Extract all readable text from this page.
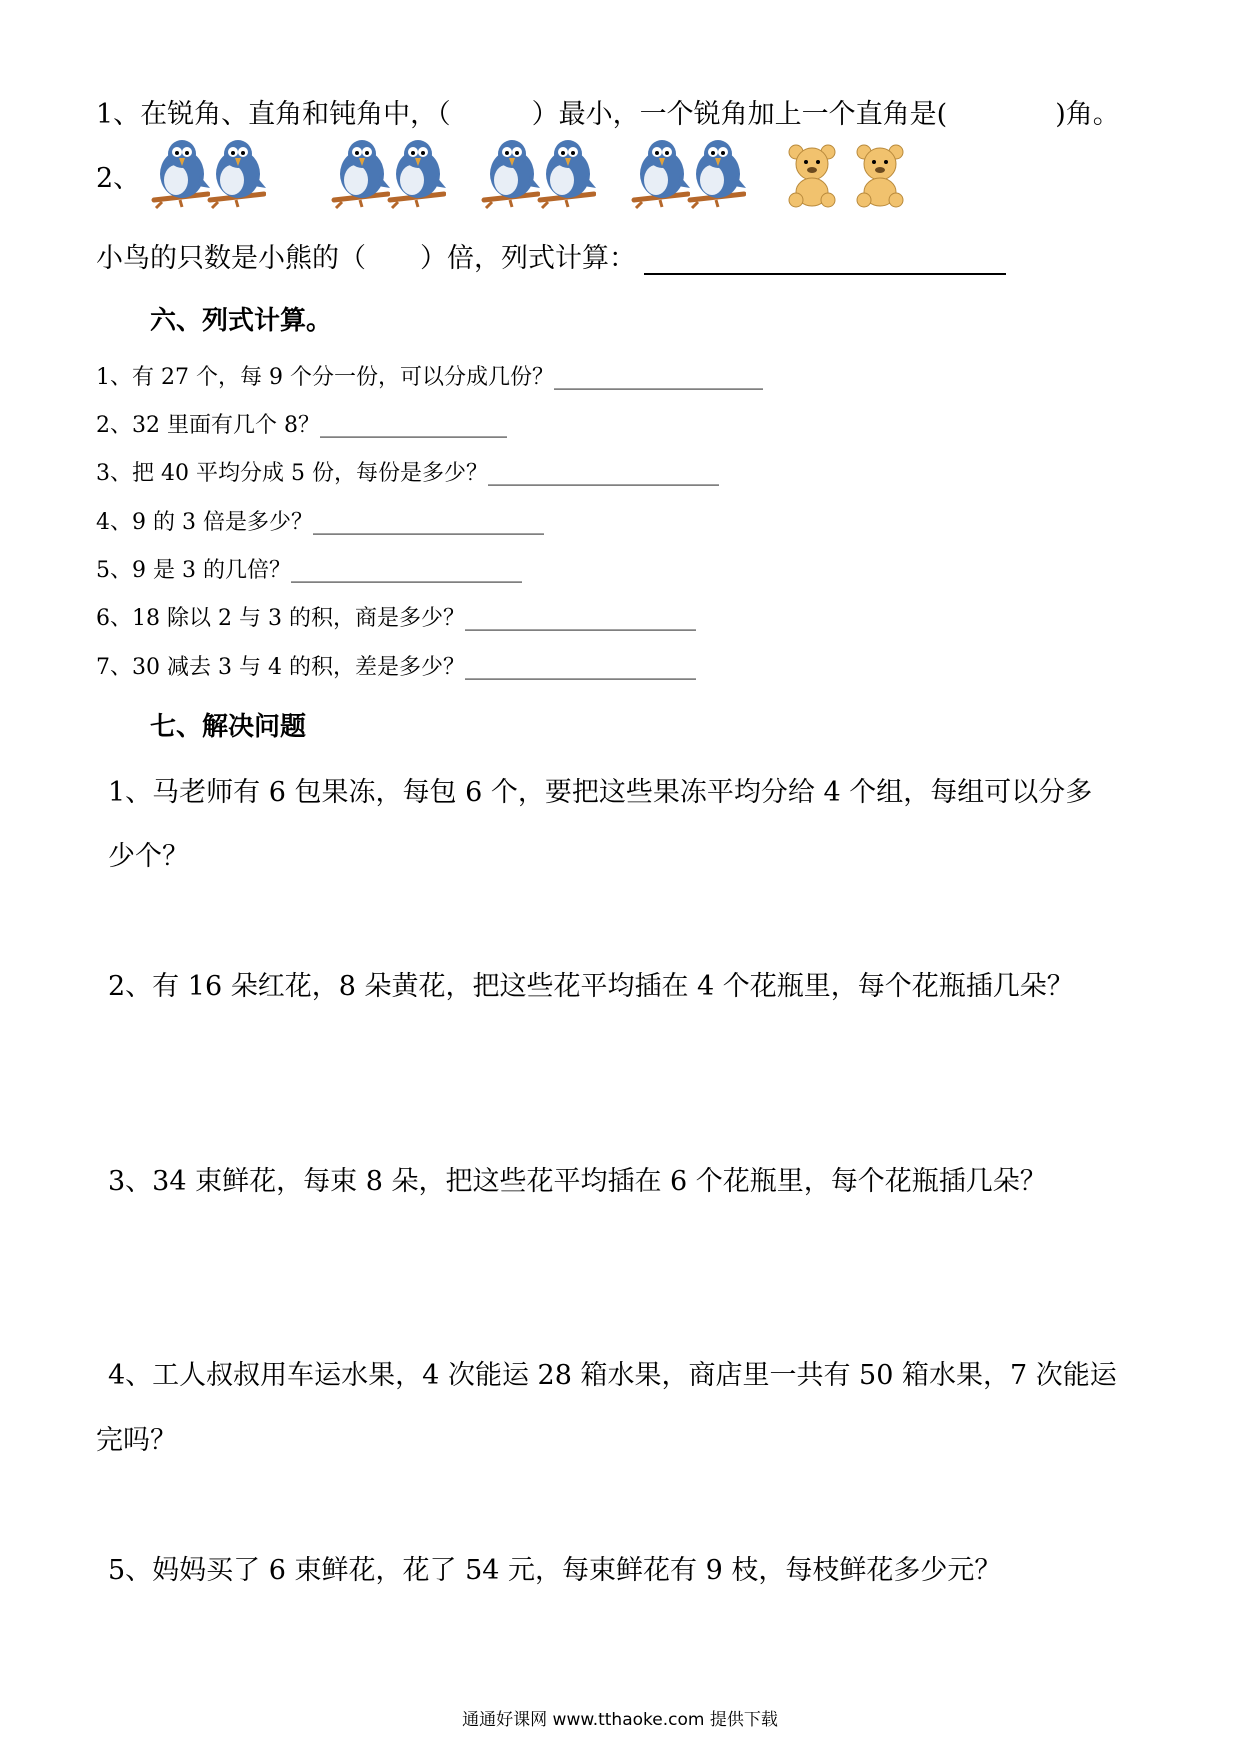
1、在锐角、直角和钝角中，（　　　）最小，一个锐角加上一个直角是(　　　　)角。
2、
小鸟的只数是小熊的（　　）倍，列式计算：
六、列式计算。
1、有 27 个，每 9 个分一份，可以分成几份？___________________
2、32 里面有几个 8？_________________
3、把 40 平均分成 5 份，每份是多少？_____________________
4、9 的 3 倍是多少？_____________________
5、9 是 3 的几倍？_____________________
6、18 除以 2 与 3 的积，商是多少？_____________________
7、30 减去 3 与 4 的积，差是多少？_____________________
七、解决问题
1、马老师有 6 包果冻，每包 6 个，要把这些果冻平均分给 4 个组，每组可以分多
少个？
2、有 16 朵红花，8 朵黄花，把这些花平均插在 4 个花瓶里，每个花瓶插几朵？
3、34 束鲜花，每束 8 朵，把这些花平均插在 6 个花瓶里，每个花瓶插几朵？
4、工人叔叔用车运水果，4 次能运 28 箱水果，商店里一共有 50 箱水果，7 次能运
完吗？
5、妈妈买了 6 束鲜花，花了 54 元，每束鲜花有 9 枝，每枝鲜花多少元？
通通好课网 www.tthaoke.com 提供下载
